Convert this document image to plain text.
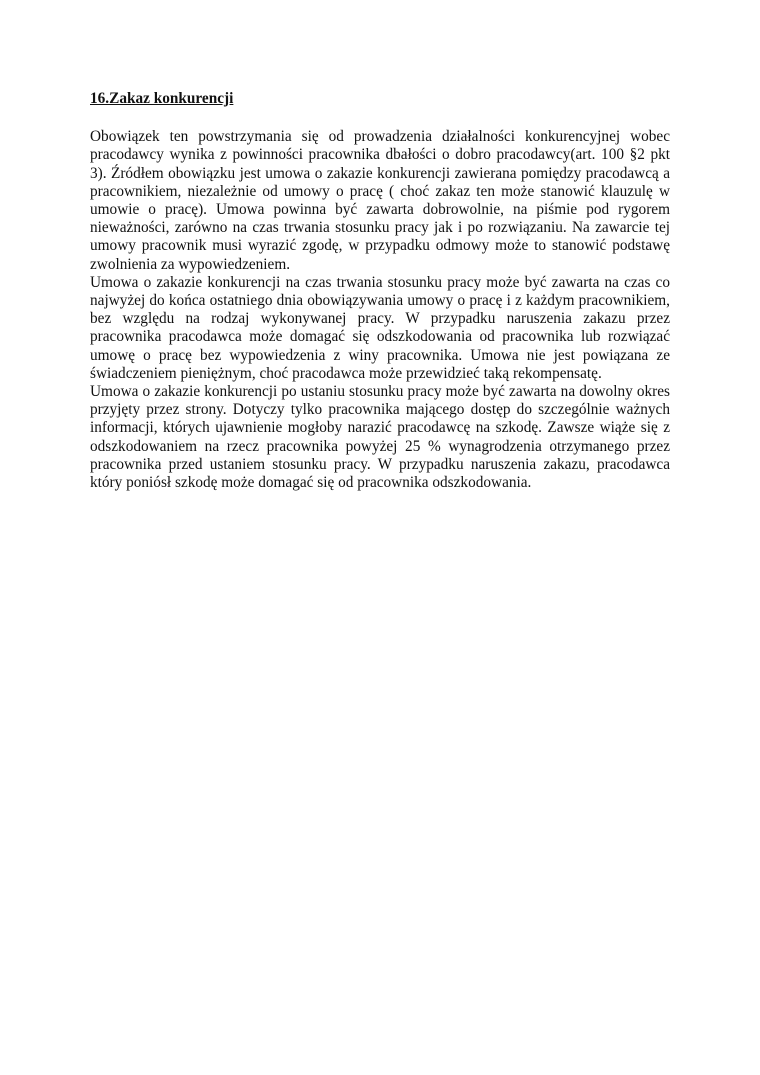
16.Zakaz konkurencji

Obowiązek ten powstrzymania się od prowadzenia działalności konkurencyjnej wobec pracodawcy wynika z powinności pracownika dbałości o dobro pracodawcy(art. 100 §2 pkt 3). Źródłem obowiązku jest umowa o zakazie konkurencji zawierana pomiędzy pracodawcą a pracownikiem, niezależnie od umowy o pracę ( choć zakaz ten może stanowić klauzulę w umowie o pracę). Umowa powinna być zawarta dobrowolnie, na piśmie pod rygorem nieważności, zarówno na czas trwania stosunku pracy jak i po rozwiązaniu. Na zawarcie tej umowy pracownik musi wyrazić zgodę, w przypadku odmowy może to stanowić podstawę zwolnienia za wypowiedzeniem.

Umowa o zakazie konkurencji na czas trwania stosunku pracy może być zawarta na czas co najwyżej do końca ostatniego dnia obowiązywania umowy o pracę i z każdym pracownikiem, bez względu na rodzaj wykonywanej pracy. W przypadku naruszenia zakazu przez pracownika pracodawca może domagać się odszkodowania od pracownika lub rozwiązać umowę o pracę bez wypowiedzenia z winy pracownika. Umowa nie jest powiązana ze świadczeniem pieniężnym, choć pracodawca może przewidzieć taką rekompensatę.

Umowa o zakazie konkurencji po ustaniu stosunku pracy może być zawarta na dowolny okres przyjęty przez strony. Dotyczy tylko pracownika mającego dostęp do szczególnie ważnych informacji, których ujawnienie mogłoby narazić pracodawcę na szkodę. Zawsze wiąże się z odszkodowaniem na rzecz pracownika powyżej 25 % wynagrodzenia otrzymanego przez pracownika przed ustaniem stosunku pracy. W przypadku naruszenia zakazu, pracodawca który poniósł szkodę może domagać się od pracownika odszkodowania.
